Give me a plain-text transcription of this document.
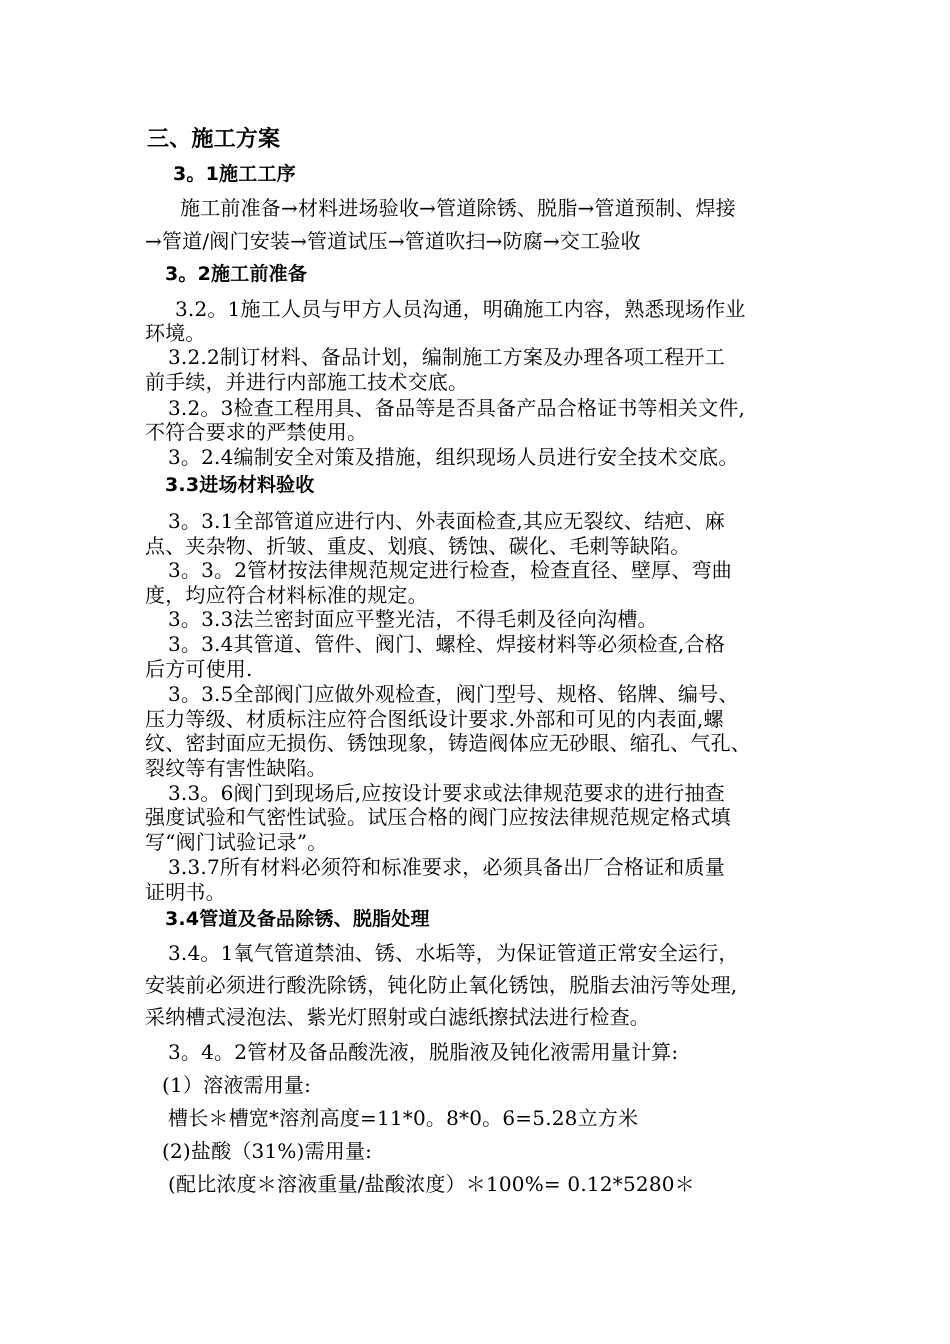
三、施工方案
3。1施工工序
施工前准备→材料进场验收→管道除锈、脱脂→管道预制、焊接
→管道/阀门安装→管道试压→管道吹扫→防腐→交工验收
3。2施工前准备
3.2。1施工人员与甲方人员沟通，明确施工内容，熟悉现场作业
环境。
3.2.2制订材料、备品计划，编制施工方案及办理各项工程开工
前手续，并进行内部施工技术交底。
3.2。3检查工程用具、备品等是否具备产品合格证书等相关文件,
不符合要求的严禁使用。
3。2.4编制安全对策及措施，组织现场人员进行安全技术交底。
3.3进场材料验收
3。3.1全部管道应进行内、外表面检查,其应无裂纹、结疤、麻
点、夹杂物、折皱、重皮、划痕、锈蚀、碳化、毛刺等缺陷。
3。3。2管材按法律规范规定进行检查，检查直径、壁厚、弯曲
度，均应符合材料标准的规定。
3。3.3法兰密封面应平整光洁，不得毛刺及径向沟槽。
3。3.4其管道、管件、阀门、螺栓、焊接材料等必须检查,合格
后方可使用.
3。3.5全部阀门应做外观检查，阀门型号、规格、铭牌、编号、
压力等级、材质标注应符合图纸设计要求.外部和可见的内表面,螺
纹、密封面应无损伤、锈蚀现象，铸造阀体应无砂眼、缩孔、气孔、
裂纹等有害性缺陷。
3.3。6阀门到现场后,应按设计要求或法律规范要求的进行抽查
强度试验和气密性试验。试压合格的阀门应按法律规范规定格式填
写“阀门试验记录”。
3.3.7所有材料必须符和标准要求，必须具备出厂合格证和质量
证明书。
3.4管道及备品除锈、脱脂处理
3.4。1氧气管道禁油、锈、水垢等，为保证管道正常安全运行，
安装前必须进行酸洗除锈，钝化防止氧化锈蚀，脱脂去油污等处理,
采纳槽式浸泡法、紫光灯照射或白滤纸擦拭法进行检查。
3。4。2管材及备品酸洗液，脱脂液及钝化液需用量计算:
(1）溶液需用量:
槽长＊槽宽*溶剂高度=11*0。8*0。6=5.28立方米
(2)盐酸（31%)需用量:
(配比浓度＊溶液重量/盐酸浓度）＊100%= 0.12*5280＊
